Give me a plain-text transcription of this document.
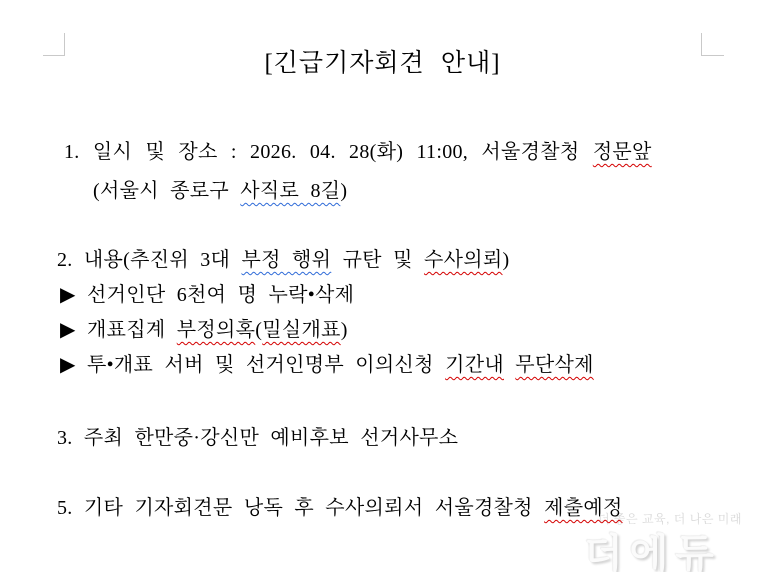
더 좋은 교육, 더 나은 미래
더에듀
[긴급기자회견 안내]

1. 일시 및 장소 : 2026. 04. 28(화) 11:00, 서울경찰청 정문앞

(서울시 종로구 사직로 8길)

2. 내용(추진위 3대 부정 행위 규탄 및 수사의뢰)

▶ 선거인단 6천여 명 누락•삭제

▶ 개표집계 부정의혹(밀실개표)

▶ 투•개표 서버 및 선거인명부 이의신청 기간내 무단삭제

3. 주최 한만중·강신만 예비후보 선거사무소

5. 기타 기자회견문 낭독 후 수사의뢰서 서울경찰청 제출예정
